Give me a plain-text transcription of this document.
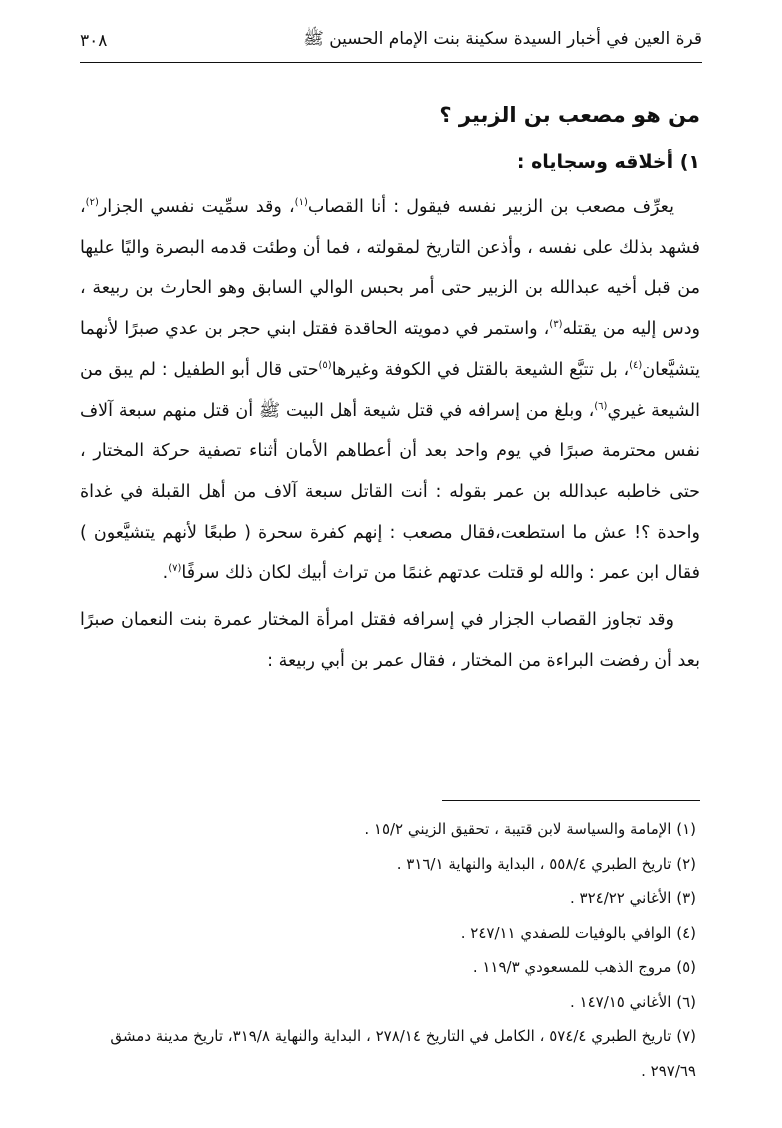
قرة العين في أخبار السيدة سكينة بنت الإمام الحسين ﷺ
٣٠٨
من هو مصعب بن الزبير ؟
١) أخلاقه وسجاياه :

يعرِّف مصعب بن الزبير نفسه فيقول : أنا القصاب$^{(١)}$، وقد سمِّيت نفسي الجزار$^{(٢)}$، فشهد بذلك على نفسه ، وأذعن التاريخ لمقولته ، فما أن وطئت قدمه البصرة واليًا عليها من قبل أخيه عبدالله بن الزبير حتى أمر بحبس الوالي السابق وهو الحارث بن ربيعة ، ودس إليه من يقتله$^{(٣)}$، واستمر في دمويته الحاقدة فقتل ابني حجر بن عدي صبرًا لأنهما يتشيَّعان$^{(٤)}$، بل تتبَّع الشيعة بالقتل في الكوفة وغيرها$^{(٥)}$حتى قال أبو الطفيل : لم يبق من الشيعة غيري$^{(٦)}$، وبلغ من إسرافه في قتل شيعة أهل البيت ﷺ أن قتل منهم سبعة آلاف نفس محترمة صبرًا في يوم واحد بعد أن أعطاهم الأمان أثناء تصفية حركة المختار ، حتى خاطبه عبدالله بن عمر بقوله : أنت القاتل سبعة آلاف من أهل القبلة في غداة واحدة ؟! عش ما استطعت،فقال مصعب : إنهم كفرة سحرة ( طبعًا لأنهم يتشيَّعون ) فقال ابن عمر : والله لو قتلت عدتهم غنمًا من تراث أبيك لكان ذلك سرفًا$^{(٧)}$.

وقد تجاوز القصاب الجزار في إسرافه فقتل امرأة المختار عمرة بنت النعمان صبرًا بعد أن رفضت البراءة من المختار ، فقال عمر بن أبي ربيعة :

(١) الإمامة والسياسة لابن قتيبة ، تحقيق الزيني ١٥/٢ .
(٢) تاريخ الطبري ٥٥٨/٤ ، البداية والنهاية ٣١٦/١ .
(٣) الأغاني ٣٢٤/٢٢ .
(٤) الوافي بالوفيات للصفدي ٢٤٧/١١ .
(٥) مروج الذهب للمسعودي ١١٩/٣ .
(٦) الأغاني ١٤٧/١٥ .
(٧) تاريخ الطبري ٥٧٤/٤ ، الكامل في التاريخ ٢٧٨/١٤ ، البداية والنهاية ٣١٩/٨، تاريخ مدينة دمشق ٢٩٧/٦٩ .
